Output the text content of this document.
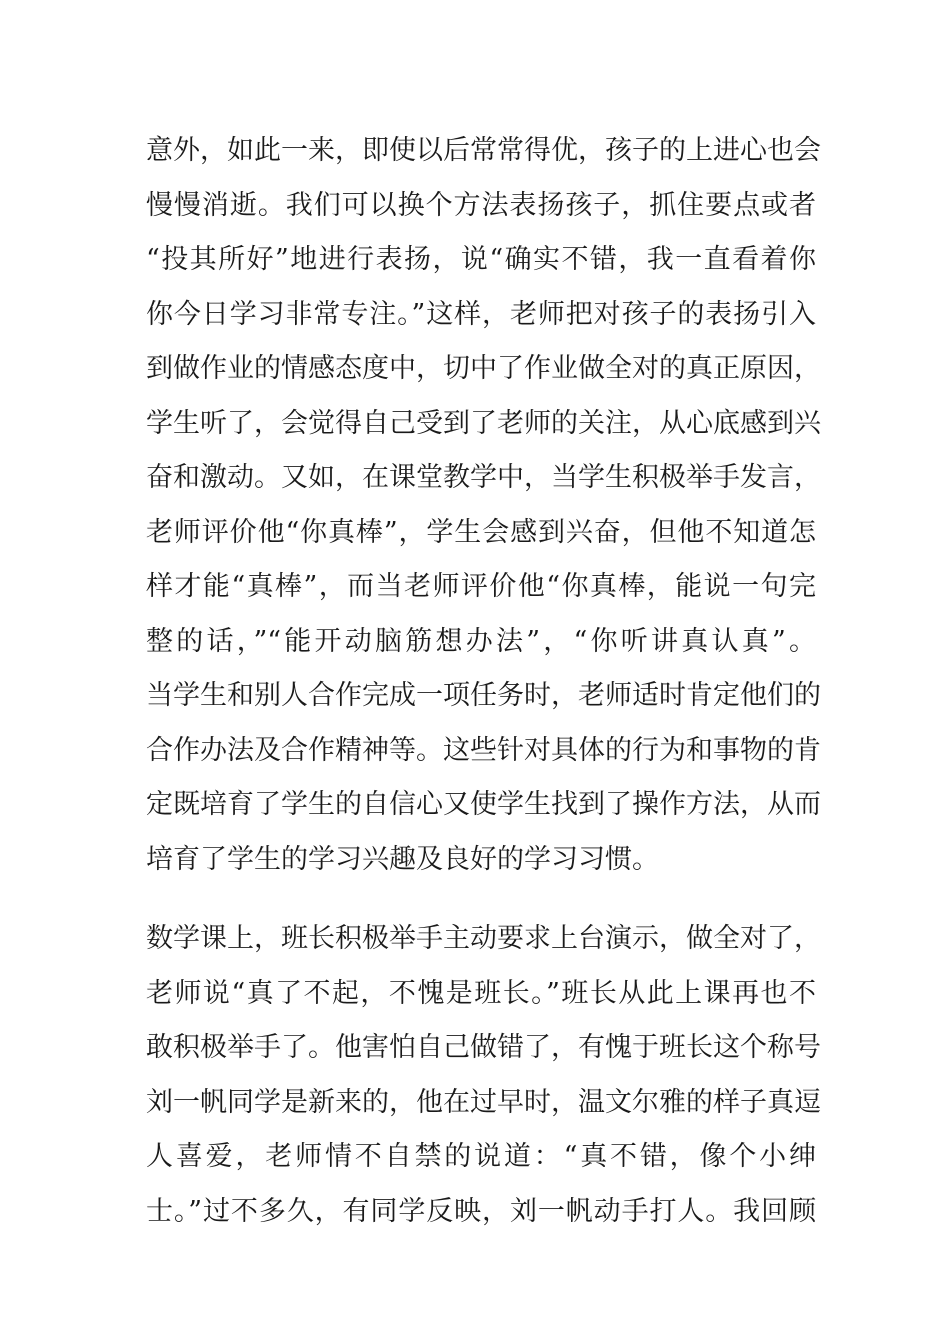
意外，如此一来，即使以后常常得优，孩子的上进心也会
慢慢消逝。我们可以换个方法表扬孩子，抓住要点或者
“投其所好”地进行表扬，说“确实不错，我一直看着你
你今日学习非常专注。”这样，老师把对孩子的表扬引入
到做作业的情感态度中，切中了作业做全对的真正原因，
学生听了，会觉得自己受到了老师的关注，从心底感到兴
奋和激动。又如，在课堂教学中，当学生积极举手发言，
老师评价他“你真棒”，学生会感到兴奋，但他不知道怎
样才能“真棒”，而当老师评价他“你真棒，能说一句完
整的话，”“能开动脑筋想办法”，“你听讲真认真”。
当学生和别人合作完成一项任务时，老师适时肯定他们的
合作办法及合作精神等。这些针对具体的行为和事物的肯
定既培育了学生的自信心又使学生找到了操作方法，从而
培育了学生的学习兴趣及良好的学习习惯。
数学课上，班长积极举手主动要求上台演示，做全对了，
老师说“真了不起，不愧是班长。”班长从此上课再也不
敢积极举手了。他害怕自己做错了，有愧于班长这个称号
刘一帆同学是新来的，他在过早时，温文尔雅的样子真逗
人喜爱，老师情不自禁的说道：“真不错，像个小绅
士。”过不多久，有同学反映，刘一帆动手打人。我回顾
